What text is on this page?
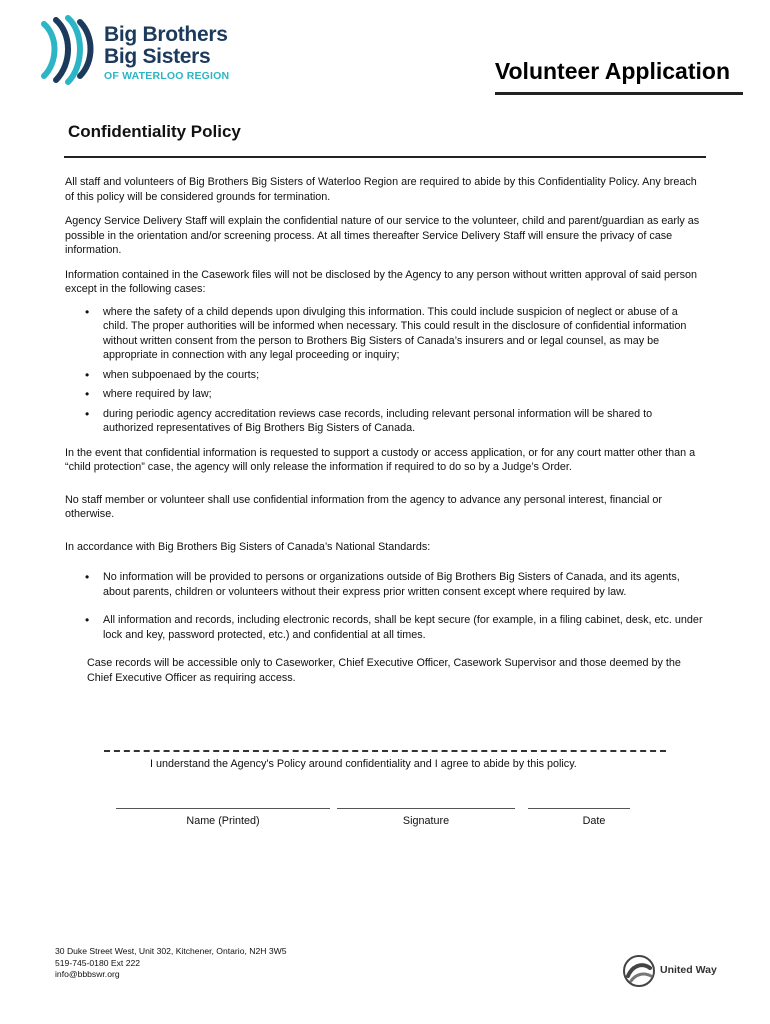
Big Brothers
Big Sisters
OF WATERLOO REGION	Volunteer Application
Confidentiality Policy

All staff and volunteers of Big Brothers Big Sisters of Waterloo Region are required to abide by this Confidentiality Policy. Any breach of this policy will be considered grounds for termination.

Agency Service Delivery Staff will explain the confidential nature of our service to the volunteer, child and parent/guardian as early as possible in the orientation and/or screening process. At all times thereafter Service Delivery Staff will ensure the privacy of case information.

Information contained in the Casework files will not be disclosed by the Agency to any person without written approval of said person except in the following cases:

• where the safety of a child depends upon divulging this information. This could include suspicion of neglect or abuse of a child. The proper authorities will be informed when necessary. This could result in the disclosure of confidential information without written consent from the person to Brothers Big Sisters of Canada’s insurers and or legal counsel, as may be appropriate in connection with any legal proceeding or inquiry;
• when subpoenaed by the courts;
• where required by law;
• during periodic agency accreditation reviews case records, including relevant personal information will be shared to authorized representatives of Big Brothers Big Sisters of Canada.

In the event that confidential information is requested to support a custody or access application, or for any court matter other than a “child protection” case, the agency will only release the information if required to do so by a Judge’s Order.

No staff member or volunteer shall use confidential information from the agency to advance any personal interest, financial or otherwise.

In accordance with Big Brothers Big Sisters of Canada’s National Standards:

• No information will be provided to persons or organizations outside of Big Brothers Big Sisters of Canada, and its agents, about parents, children or volunteers without their express prior written consent except where required by law.
• All information and records, including electronic records, shall be kept secure (for example, in a filing cabinet, desk, etc. under lock and key, password protected, etc.) and confidential at all times.

Case records will be accessible only to Caseworker, Chief Executive Officer, Casework Supervisor and those deemed by the Chief Executive Officer as requiring access.

I understand the Agency's Policy around confidentiality and I agree to abide by this policy.
Name (Printed)	Signature	Date
30 Duke Street West, Unit 302, Kitchener, Ontario, N2H 3W5
519-745-0180 Ext 222
info@bbbswr.org	United Way
